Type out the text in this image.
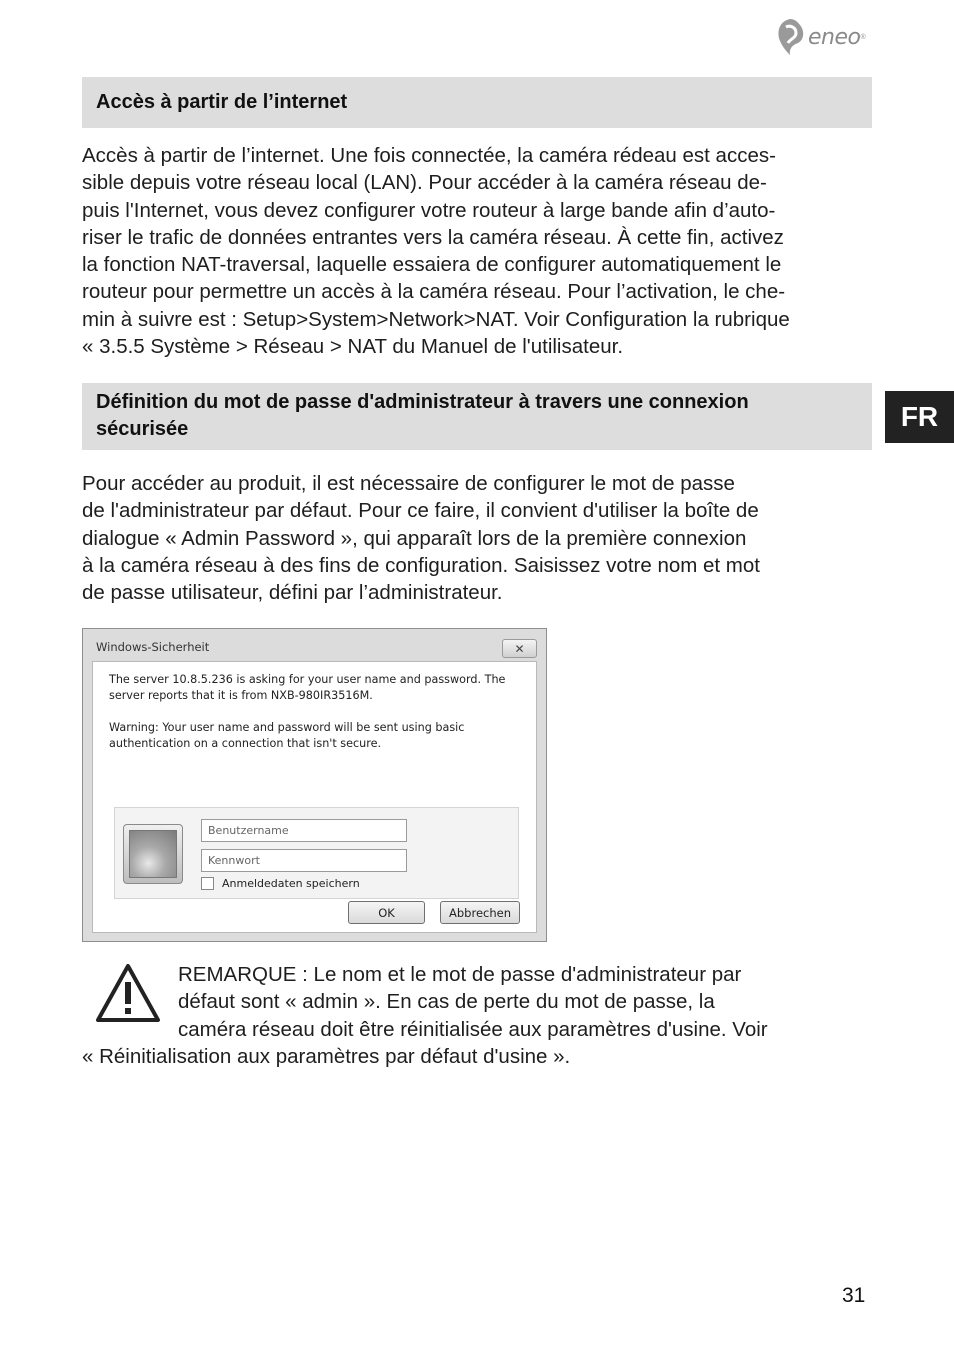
eneo ®
Accès à partir de l’internet
Accès à partir de l’internet. Une fois connectée, la caméra rédeau est acces-
sible depuis votre réseau local (LAN). Pour accéder à la caméra réseau de-
puis l'Internet, vous devez configurer votre routeur à large bande afin d’auto-
riser le trafic de données entrantes vers la caméra réseau. À cette fin, activez
la fonction NAT-traversal, laquelle essaiera de configurer automatiquement le
routeur pour permettre un accès à la caméra réseau. Pour l’activation, le che-
min à suivre est : Setup>System>Network>NAT. Voir Configuration la rubrique
« 3.5.5 Système > Réseau > NAT du Manuel de l'utilisateur.
Définition du mot de passe d'administrateur à travers une connexion
sécurisée	FR
Pour accéder au produit, il est nécessaire de configurer le mot de passe
de l'administrateur par défaut. Pour ce faire, il convient d'utiliser la boîte de
dialogue « Admin Password », qui apparaît lors de la première connexion
à la caméra réseau à des fins de configuration. Saisissez votre nom et mot
de passe utilisateur, défini par l’administrateur.
Windows-Sicherheit	✕
The server 10.8.5.236 is asking for your user name and password. The
server reports that it is from NXB-980IR3516M.
Warning: Your user name and password will be sent using basic
authentication on a connection that isn't secure.
Benutzername
Kennwort
Anmeldedaten speichern
OK	Abbrechen
REMARQUE : Le nom et le mot de passe d'administrateur par
défaut sont « admin ». En cas de perte du mot de passe, la
caméra réseau doit être réinitialisée aux paramètres d'usine. Voir
« Réinitialisation aux paramètres par défaut d'usine ».
31
